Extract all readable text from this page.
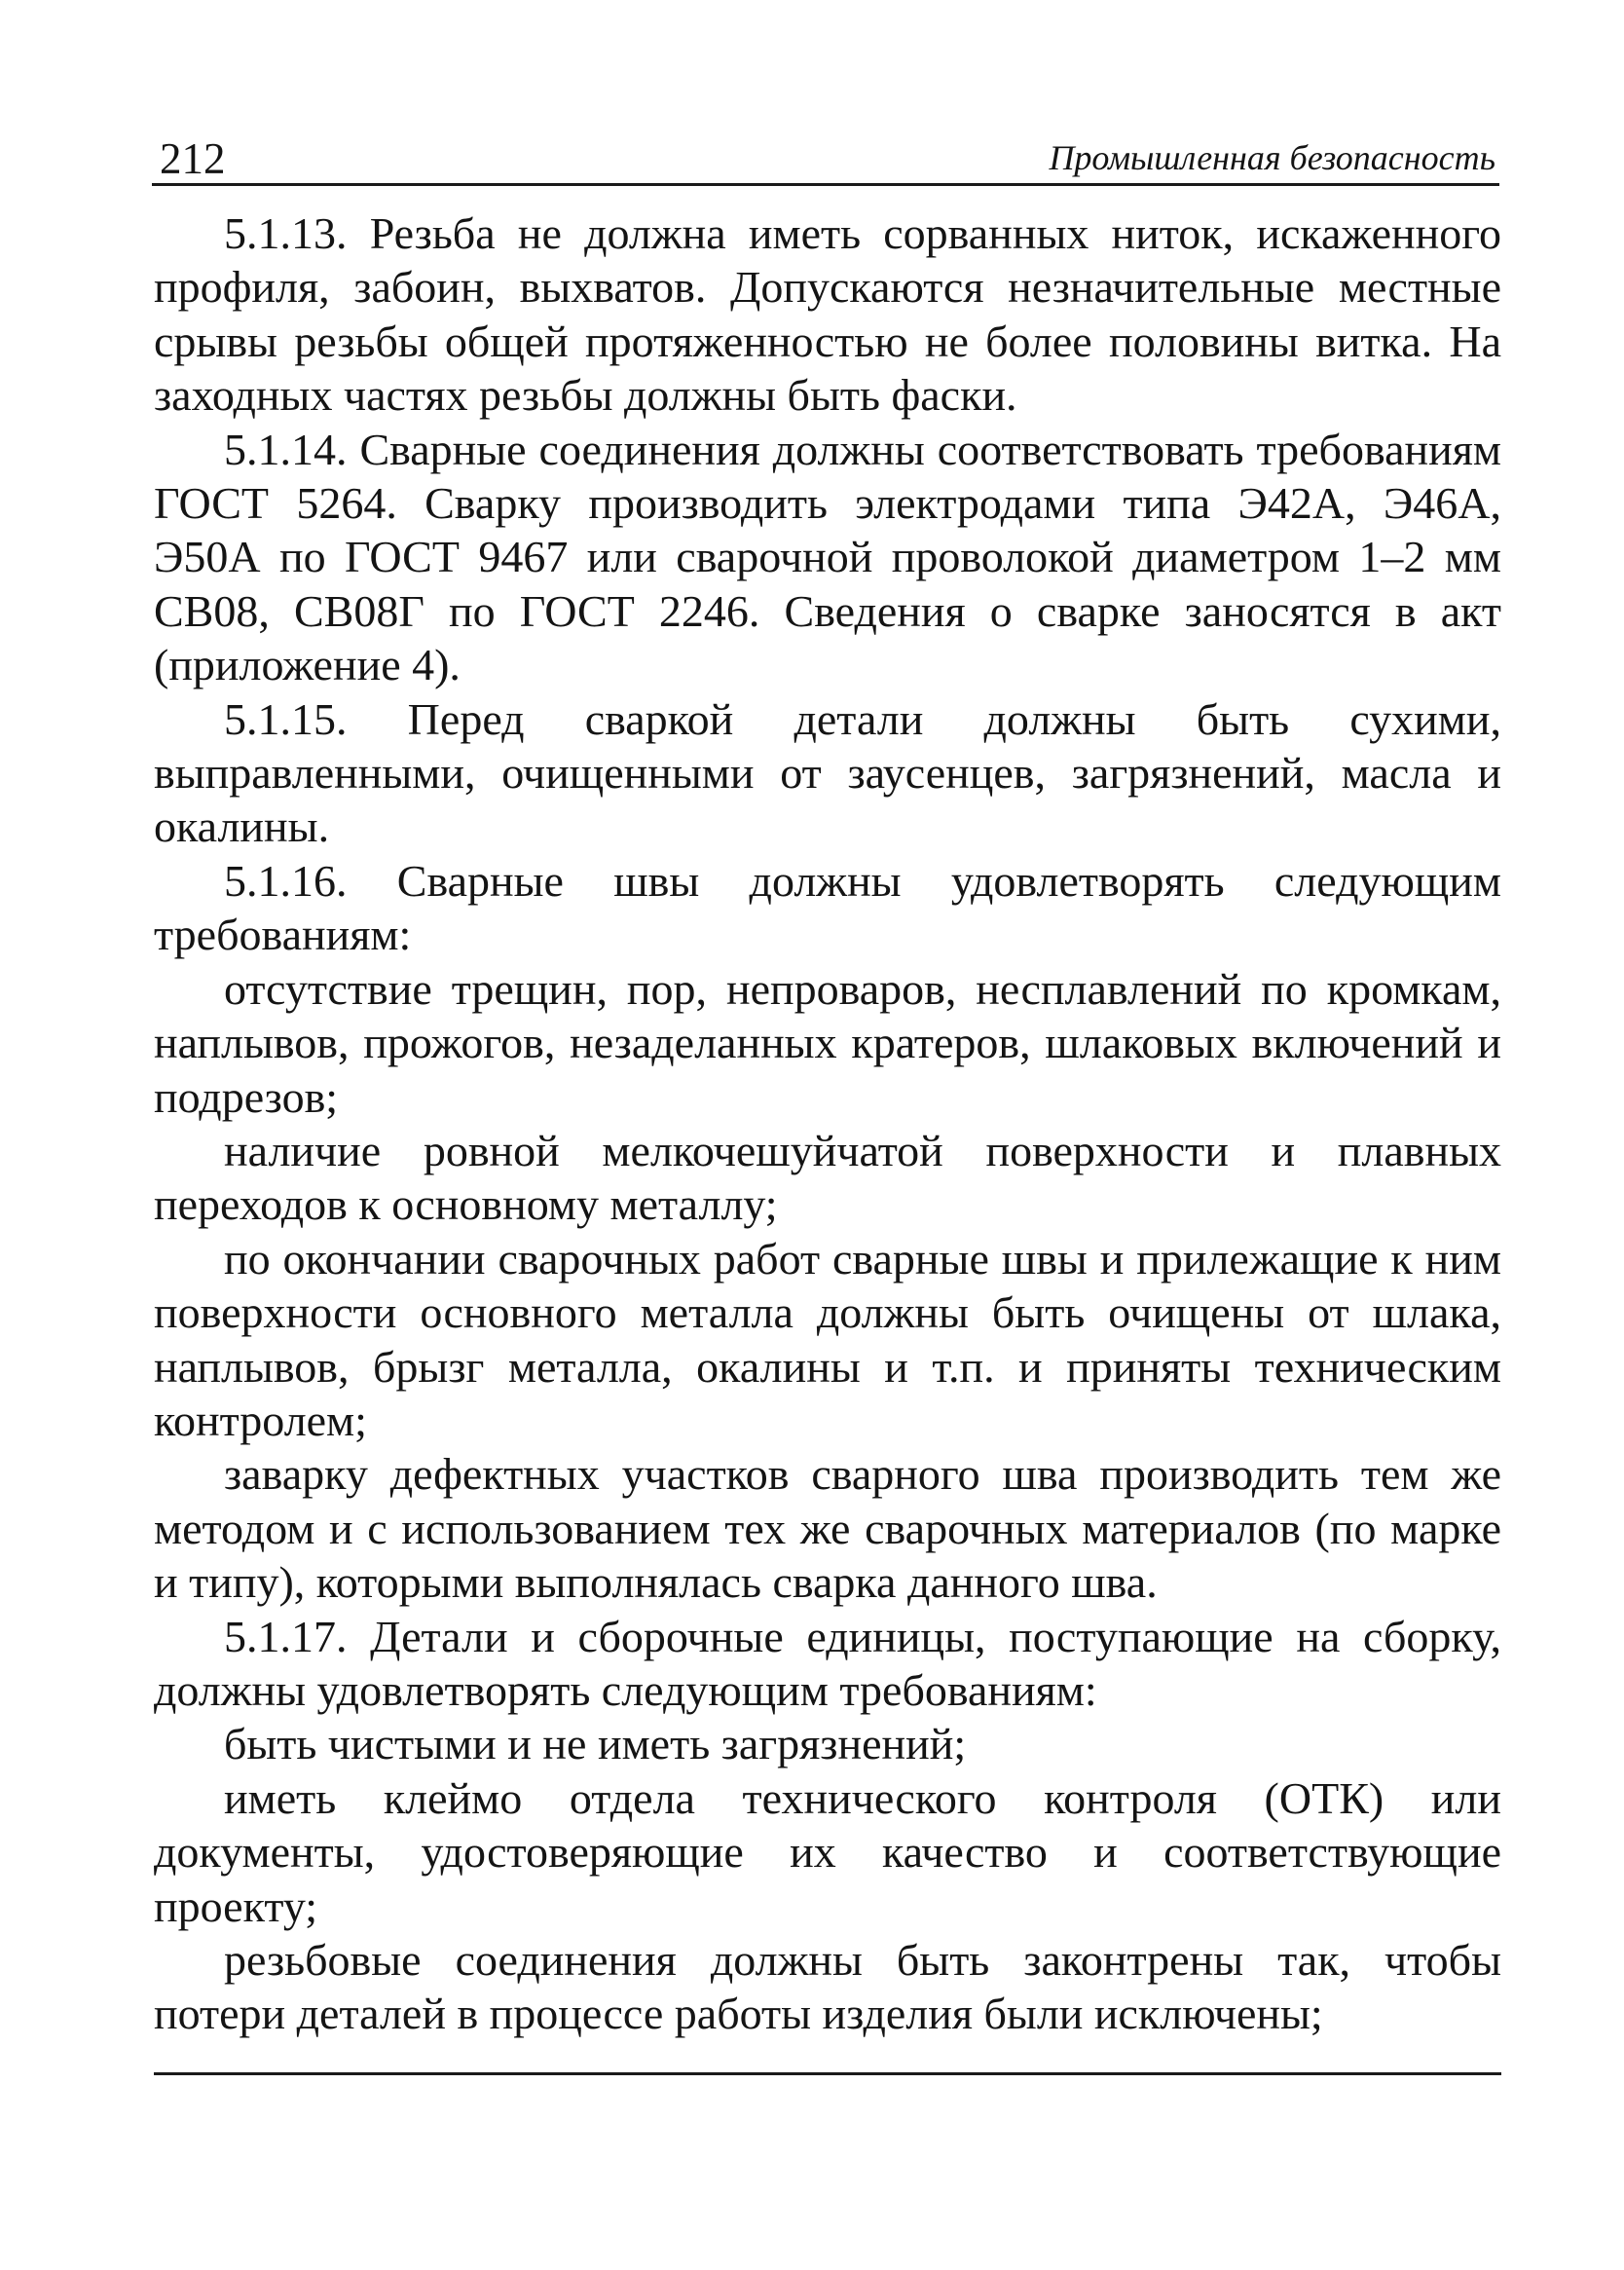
212	Промышленная безопасность

5.1.13. Резьба не должна иметь сорванных ниток, искаженного профиля, забоин, выхватов. Допускаются незначительные местные срывы резьбы общей протяженностью не более половины витка. На заходных частях резьбы должны быть фаски.

5.1.14. Сварные соединения должны соответствовать требованиям ГОСТ 5264. Сварку производить электродами типа Э42А, Э46А, Э50А по ГОСТ 9467 или сварочной проволокой диаметром 1–2 мм СВ08, СВ08Г по ГОСТ 2246. Сведения о сварке заносятся в акт (приложение 4).

5.1.15. Перед сваркой детали должны быть сухими, выправленными, очищенными от заусенцев, загрязнений, масла и окалины.

5.1.16. Сварные швы должны удовлетворять следующим требованиям:

отсутствие трещин, пор, непроваров, несплавлений по кромкам, наплывов, прожогов, незаделанных кратеров, шлаковых включений и подрезов;

наличие ровной мелкочешуйчатой поверхности и плавных переходов к основному металлу;

по окончании сварочных работ сварные швы и прилежащие к ним поверхности основного металла должны быть очищены от шлака, наплывов, брызг металла, окалины и т.п. и приняты техническим контролем;

заварку дефектных участков сварного шва производить тем же методом и с использованием тех же сварочных материалов (по марке и типу), которыми выполнялась сварка данного шва.

5.1.17. Детали и сборочные единицы, поступающие на сборку, должны удовлетворять следующим требованиям:

быть чистыми и не иметь загрязнений;

иметь клеймо отдела технического контроля (ОТК) или документы, удостоверяющие их качество и соответствующие проекту;

резьбовые соединения должны быть законтрены так, чтобы потери деталей в процессе работы изделия были исключены;
